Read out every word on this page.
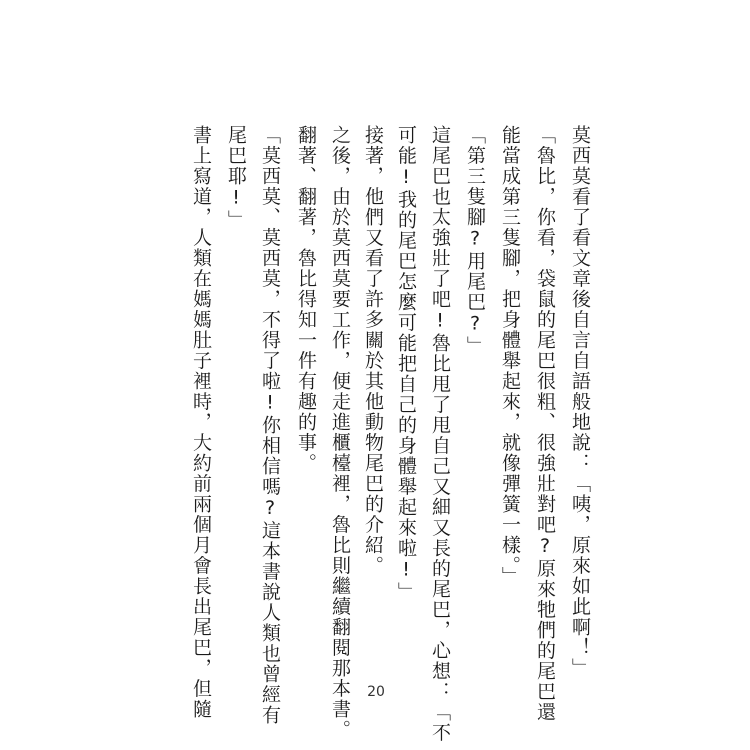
莫西莫看了看文章後自言自語般地說：「咦，原來如此啊！」
「魯比，你看，袋鼠的尾巴很粗、很強壯對吧?原來牠們的尾巴還
能當成第三隻腳，把身體舉起來，就像彈簧一樣。」
「第三隻腳?用尾巴?」
這尾巴也太強壯了吧!魯比甩了甩自己又細又長的尾巴，心想：「不
可能!我的尾巴怎麼可能把自己的身體舉起來啦!」
接著，他們又看了許多關於其他動物尾巴的介紹。
之後，由於莫西莫要工作，便走進櫃檯裡，魯比則繼續翻閱那本書。
翻著、翻著，魯比得知一件有趣的事。
「莫西莫、莫西莫，不得了啦!你相信嗎?這本書說人類也曾經有
尾巴耶!」
書上寫道，人類在媽媽肚子裡時，大約前兩個月會長出尾巴，但隨	20
